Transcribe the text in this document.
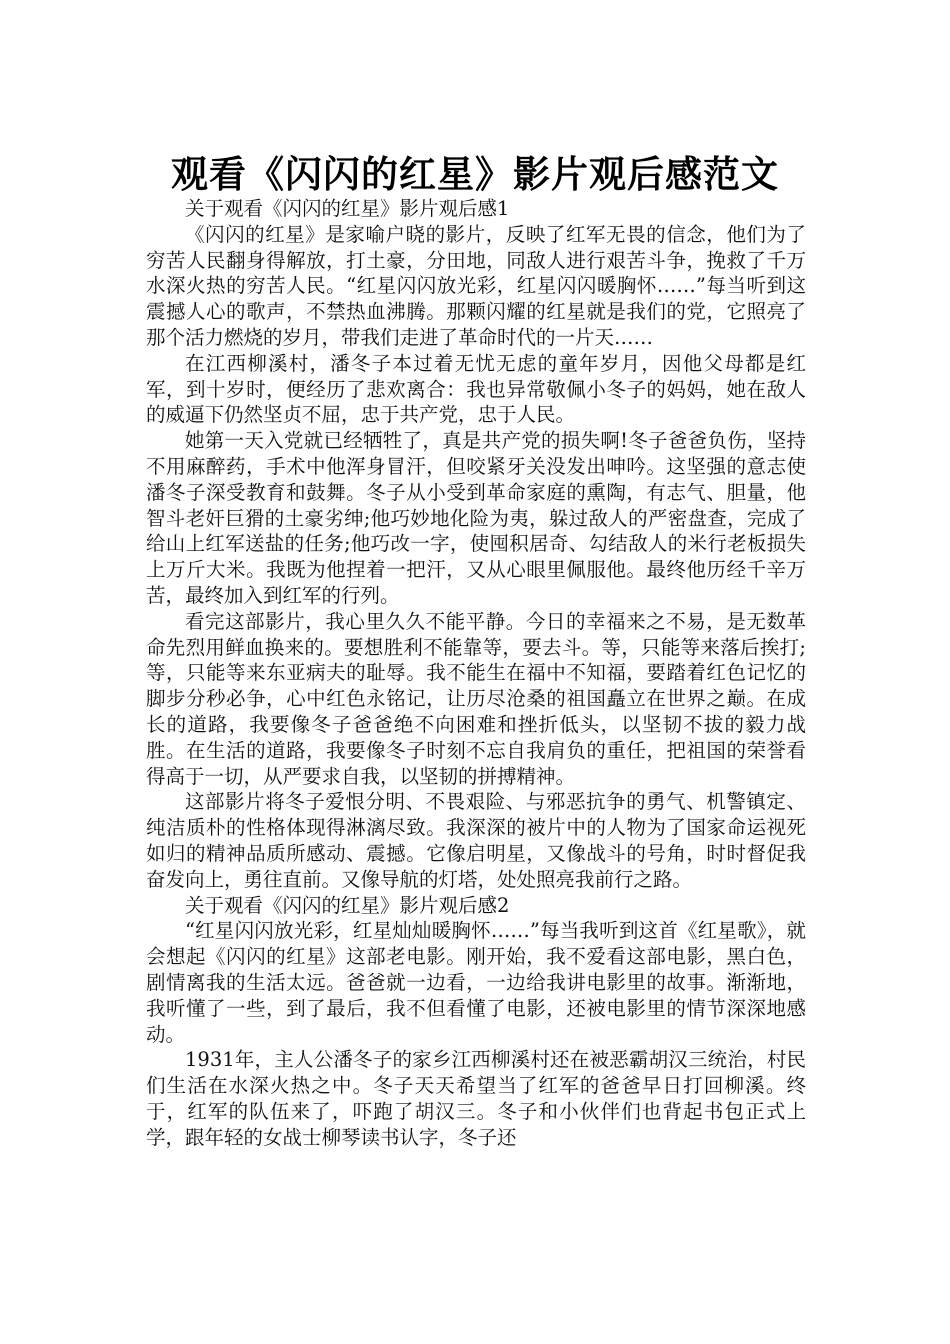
观看《闪闪的红星》影片观后感范文

关于观看《闪闪的红星》影片观后感1

《闪闪的红星》是家喻户晓的影片，反映了红军无畏的信念，他们为了穷苦人民翻身得解放，打土豪，分田地，同敌人进行艰苦斗争，挽救了千万水深火热的穷苦人民。“红星闪闪放光彩，红星闪闪暖胸怀……”每当听到这震撼人心的歌声，不禁热血沸腾。那颗闪耀的红星就是我们的党，它照亮了那个活力燃烧的岁月，带我们走进了革命时代的一片天……

在江西柳溪村，潘冬子本过着无忧无虑的童年岁月，因他父母都是红军，到十岁时，便经历了悲欢离合：我也异常敬佩小冬子的妈妈，她在敌人的威逼下仍然坚贞不屈，忠于共产党，忠于人民。

她第一天入党就已经牺牲了，真是共产党的损失啊!冬子爸爸负伤，坚持不用麻醉药，手术中他浑身冒汗，但咬紧牙关没发出呻吟。这坚强的意志使潘冬子深受教育和鼓舞。冬子从小受到革命家庭的熏陶，有志气、胆量，他智斗老奸巨猾的土豪劣绅;他巧妙地化险为夷，躲过敌人的严密盘查，完成了给山上红军送盐的任务;他巧改一字，使囤积居奇、勾结敌人的米行老板损失上万斤大米。我既为他捏着一把汗，又从心眼里佩服他。最终他历经千辛万苦，最终加入到红军的行列。

看完这部影片，我心里久久不能平静。今日的幸福来之不易，是无数革命先烈用鲜血换来的。要想胜利不能靠等，要去斗。等，只能等来落后挨打;等，只能等来东亚病夫的耻辱。我不能生在福中不知福，要踏着红色记忆的脚步分秒必争，心中红色永铭记，让历尽沧桑的祖国矗立在世界之巅。在成长的道路，我要像冬子爸爸绝不向困难和挫折低头，以坚韧不拔的毅力战胜。在生活的道路，我要像冬子时刻不忘自我肩负的重任，把祖国的荣誉看得高于一切，从严要求自我，以坚韧的拼搏精神。

这部影片将冬子爱恨分明、不畏艰险、与邪恶抗争的勇气、机警镇定、纯洁质朴的性格体现得淋漓尽致。我深深的被片中的人物为了国家命运视死如归的精神品质所感动、震撼。它像启明星，又像战斗的号角，时时督促我奋发向上，勇往直前。又像导航的灯塔，处处照亮我前行之路。

关于观看《闪闪的红星》影片观后感2

“红星闪闪放光彩，红星灿灿暖胸怀……”每当我听到这首《红星歌》，就会想起《闪闪的红星》这部老电影。刚开始，我不爱看这部电影，黑白色，剧情离我的生活太远。爸爸就一边看，一边给我讲电影里的故事。渐渐地，我听懂了一些，到了最后，我不但看懂了电影，还被电影里的情节深深地感动。

1931年，主人公潘冬子的家乡江西柳溪村还在被恶霸胡汉三统治，村民们生活在水深火热之中。冬子天天希望当了红军的爸爸早日打回柳溪。终于，红军的队伍来了，吓跑了胡汉三。冬子和小伙伴们也背起书包正式上学，跟年轻的女战士柳琴读书认字，冬子还
